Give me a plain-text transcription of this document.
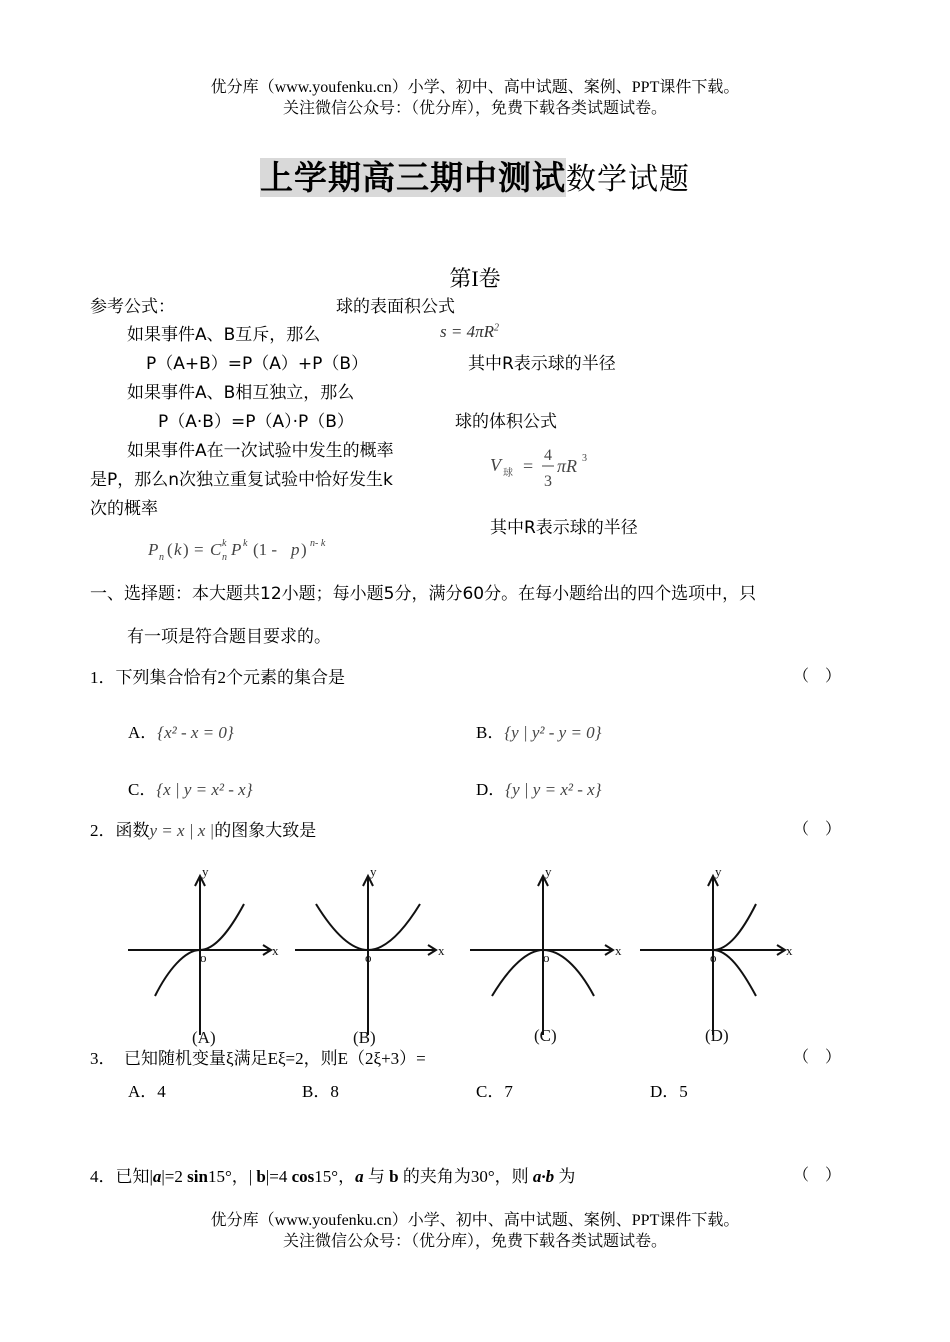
优分库（www.youfenku.cn）小学、初中、高中试题、案例、PPT课件下载。
关注微信公众号：（优分库），免费下载各类试题试卷。
上学期高三期中测试数学试题
第I卷
参考公式：	球的表面积公式
如果事件A、B互斥，那么	$s = 4\pi R^2$
P（A+B）=P（A）+P（B）	其中R表示球的半径
如果事件A、B相互独立，那么
P（A·B）=P（A）·P（B）	球的体积公式
如果事件A在一次试验中发生的概率
是P，那么n次独立重复试验中恰好发生k
次的概率
V 球 =
4
3
πR 3
其中R表示球的半径
P n ( k ) = C k
n P k (1 - p ) n- k
一、选择题：本大题共12小题；每小题5分，满分60分。在每小题给出的四个选项中，只
有一项是符合题目要求的。
1．下列集合恰有2个元素的集合是	（　）
A．{x² - x = 0}	B．{y | y² - y = 0}
C．{x | y = x² - x}	D．{y | y = x² - x}
2．函数y = x | x |的图象大致是	（　）
x
y
o	x
y
o	x
y
o	x
y
o
(A)	(B)	(C)	(D)
3．　已知随机变量ξ满足Eξ=2，则E（2ξ+3）=	（　）
A．4	B．8	C．7	D．5
4．已知|a|=2 sin15°，| b|=4 cos15°，a 与 b 的夹角为30°，则 a·b 为	（　）
优分库（www.youfenku.cn）小学、初中、高中试题、案例、PPT课件下载。
关注微信公众号：（优分库），免费下载各类试题试卷。
